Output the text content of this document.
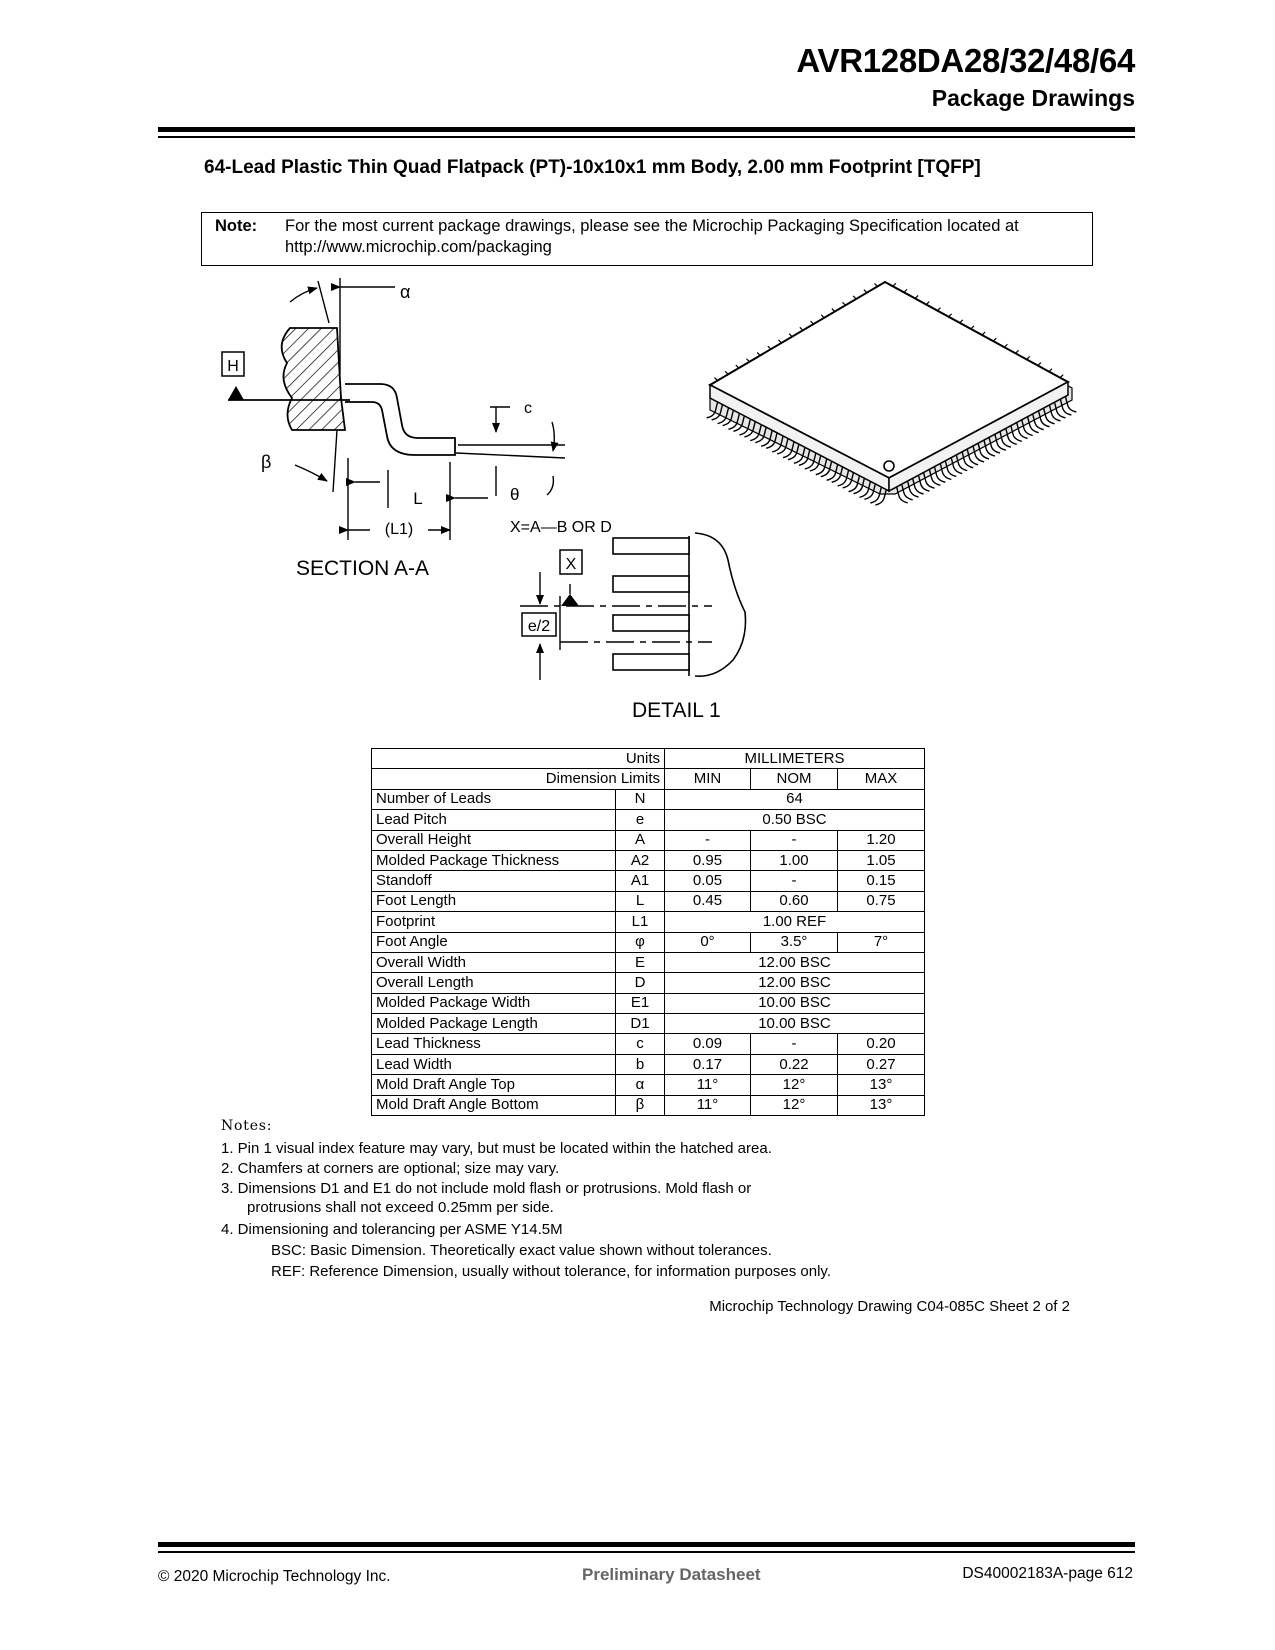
AVR128DA28/32/48/64
Package Drawings
64-Lead Plastic Thin Quad Flatpack (PT)-10x10x1 mm Body, 2.00 mm Footprint [TQFP]
Note: For the most current package drawings, please see the Microchip Packaging Specification located at
http://www.microchip.com/packaging
H
α
β
L
(L1)
c
θ
SECTION A-A
X=A—B OR D
X
e/2
DETAIL 1
Units		MILLIMETERS		
Dimension Limits		MIN	NOM	MAX
Number of Leads	N	64		
Lead Pitch	e	0.50 BSC		
Overall Height	A	-	-	1.20
Molded Package Thickness	A2	0.95	1.00	1.05
Standoff	A1	0.05	-	0.15
Foot Length	L	0.45	0.60	0.75
Footprint	L1	1.00 REF		
Foot Angle	φ	0°	3.5°	7°
Overall Width	E	12.00 BSC		
Overall Length	D	12.00 BSC		
Molded Package Width	E1	10.00 BSC		
Molded Package Length	D1	10.00 BSC		
Lead Thickness	c	0.09	-	0.20
Lead Width	b	0.17	0.22	0.27
Mold Draft Angle Top	α	11°	12°	13°
Mold Draft Angle Bottom	β	11°	12°	13°
Notes:
1. Pin 1 visual index feature may vary, but must be located within the hatched area.
2. Chamfers at corners are optional; size may vary.
3. Dimensions D1 and E1 do not include mold flash or protrusions. Mold flash or
protrusions shall not exceed 0.25mm per side.
4. Dimensioning and tolerancing per ASME Y14.5M
BSC: Basic Dimension. Theoretically exact value shown without tolerances.
REF: Reference Dimension, usually without tolerance, for information purposes only.
Microchip Technology Drawing C04-085C Sheet 2 of 2
© 2020 Microchip Technology Inc.	Preliminary Datasheet	DS40002183A-page 612
